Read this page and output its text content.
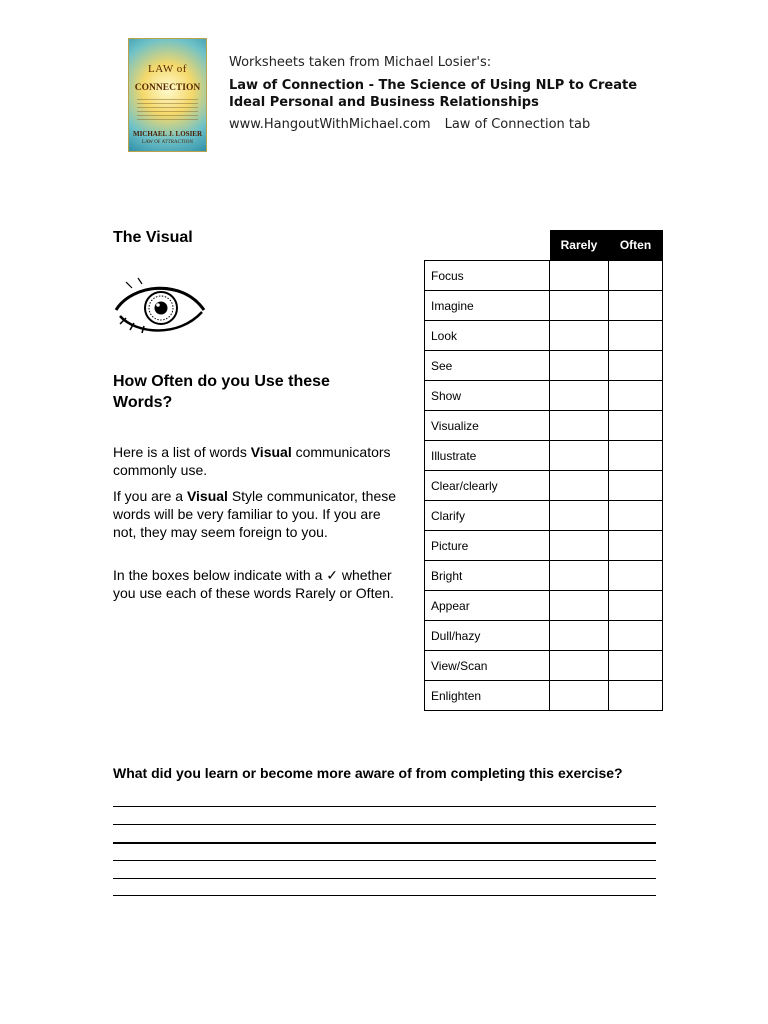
LAW of
CONNECTION
MICHAEL J. LOSIER
LAW OF ATTRACTION
Worksheets taken from Michael Losier's:
Law of Connection - The Science of Using NLP to Create
Ideal Personal and Business Relationships
www.HangoutWithMichael.com Law of Connection tab
The Visual
How Often do you Use these Words?
Here is a list of words Visual communicators commonly use.
If you are a Visual Style communicator, these words will be very familiar to you. If you are not, they may seem foreign to you.
In the boxes below indicate with a ✓ whether you use each of these words Rarely or Often.
	Rarely	Often
Focus		
Imagine		
Look		
See		
Show		
Visualize		
Illustrate		
Clear/clearly		
Clarify		
Picture		
Bright		
Appear		
Dull/hazy		
View/Scan		
Enlighten		
What did you learn or become more aware of from completing this exercise?
